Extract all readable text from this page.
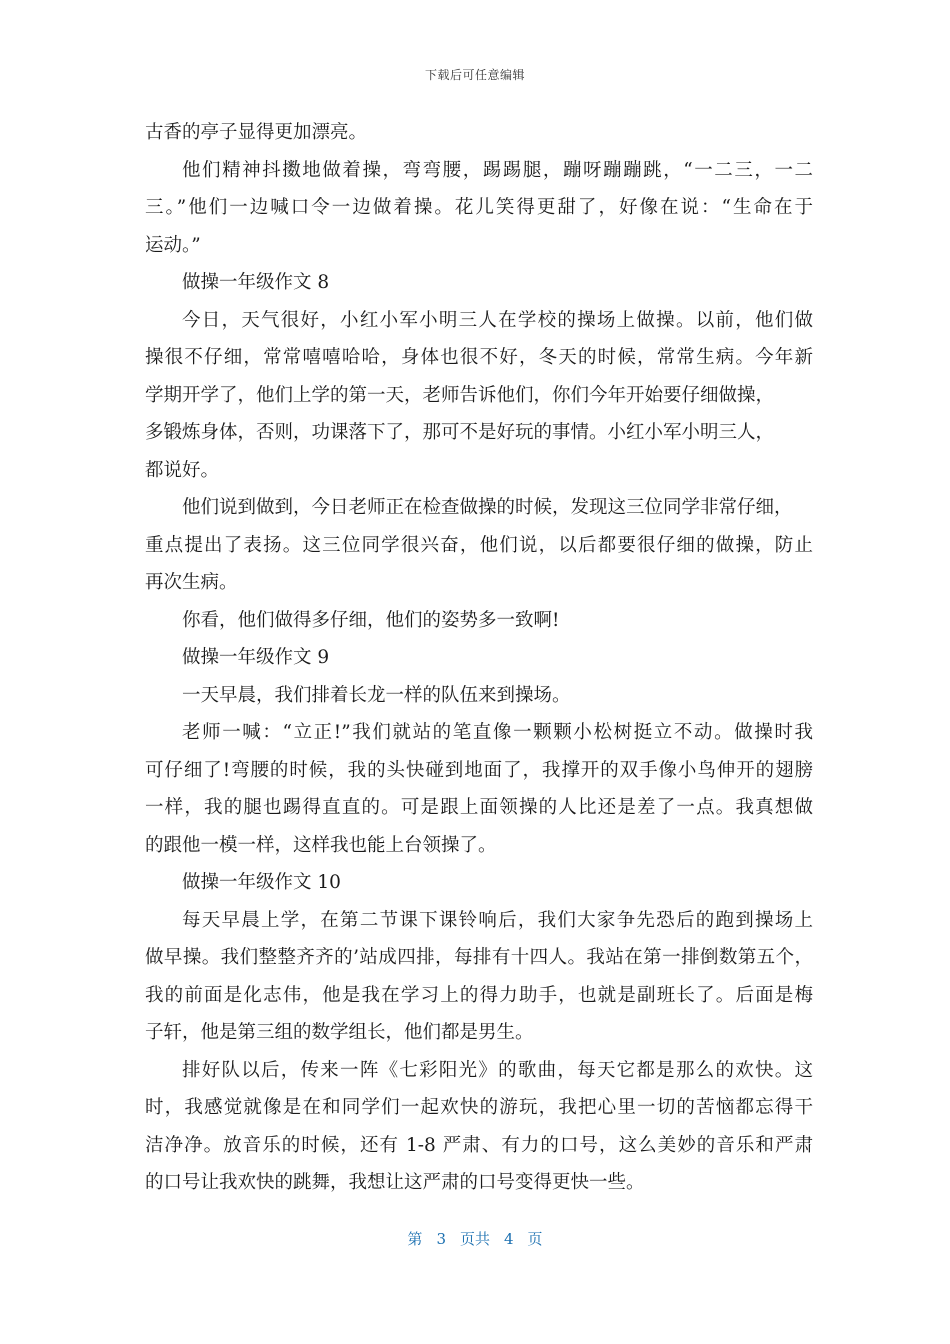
下载后可任意编辑
古香的亭子显得更加漂亮。
他们精神抖擞地做着操，弯弯腰，踢踢腿，蹦呀蹦蹦跳，“一二三，一二
三。”他们一边喊口令一边做着操。花儿笑得更甜了，好像在说：“生命在于
运动。”
做操一年级作文 8
今日，天气很好，小红小军小明三人在学校的操场上做操。以前，他们做
操很不仔细，常常嘻嘻哈哈，身体也很不好，冬天的时候，常常生病。今年新
学期开学了，他们上学的第一天，老师告诉他们，你们今年开始要仔细做操，
多锻炼身体，否则，功课落下了，那可不是好玩的事情。小红小军小明三人，
都说好。
他们说到做到，今日老师正在检查做操的时候，发现这三位同学非常仔细，
重点提出了表扬。这三位同学很兴奋，他们说，以后都要很仔细的做操，防止
再次生病。
你看，他们做得多仔细，他们的姿势多一致啊!
做操一年级作文 9
一天早晨，我们排着长龙一样的队伍来到操场。
老师一喊：“立正!”我们就站的笔直像一颗颗小松树挺立不动。做操时我
可仔细了!弯腰的时候，我的头快碰到地面了，我撑开的双手像小鸟伸开的翅膀
一样，我的腿也踢得直直的。可是跟上面领操的人比还是差了一点。我真想做
的跟他一模一样，这样我也能上台领操了。
做操一年级作文 10
每天早晨上学，在第二节课下课铃响后，我们大家争先恐后的跑到操场上
做早操。我们整整齐齐的’站成四排，每排有十四人。我站在第一排倒数第五个，
我的前面是化志伟，他是我在学习上的得力助手，也就是副班长了。后面是梅
子轩，他是第三组的数学组长，他们都是男生。
排好队以后，传来一阵《七彩阳光》的歌曲，每天它都是那么的欢快。这
时，我感觉就像是在和同学们一起欢快的游玩，我把心里一切的苦恼都忘得干
洁净净。放音乐的时候，还有 1-8 严肃、有力的口号，这么美妙的音乐和严肃
的口号让我欢快的跳舞，我想让这严肃的口号变得更快一些。
第 3 页共 4 页
